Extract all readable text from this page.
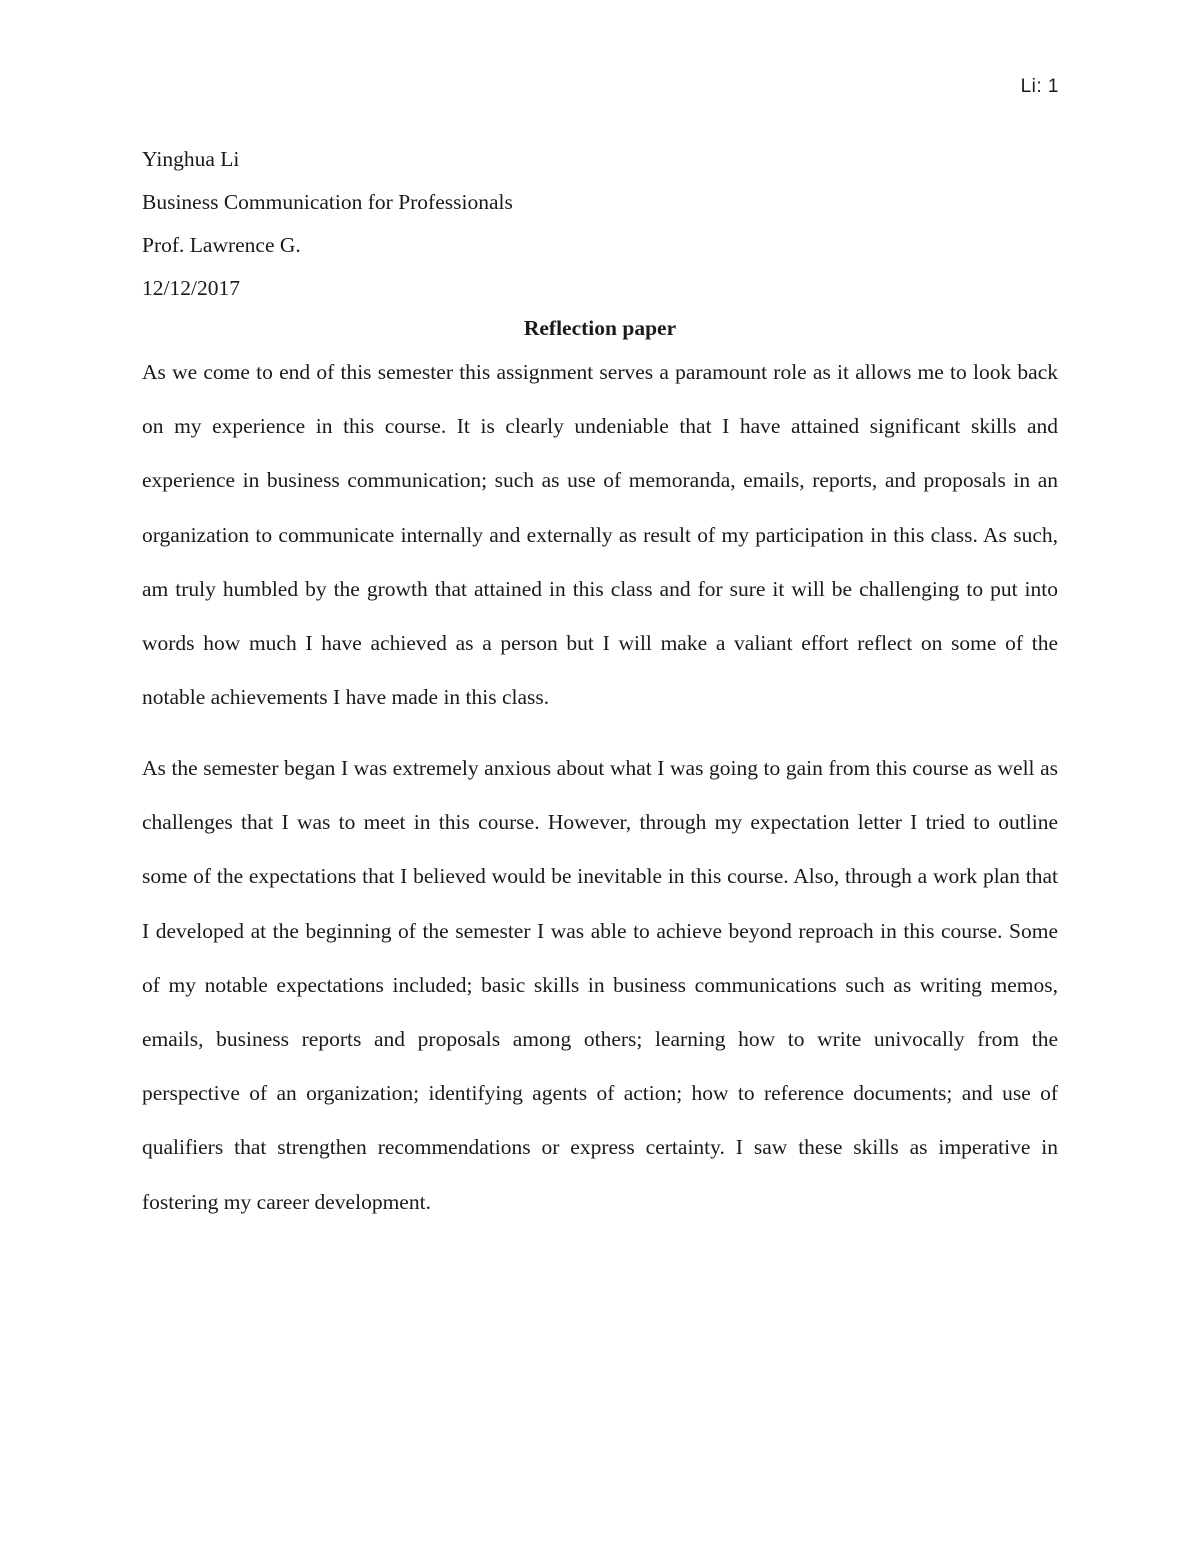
Li: 1
Yinghua Li
Business Communication for Professionals
Prof. Lawrence G.
12/12/2017
Reflection paper

As we come to end of this semester this assignment serves a paramount role as it allows me to look back on my experience in this course. It is clearly undeniable that I have attained significant skills and experience in business communication; such as use of memoranda, emails, reports, and proposals in an organization to communicate internally and externally as result of my participation in this class. As such, am truly humbled by the growth that attained in this class and for sure it will be challenging to put into words how much I have achieved as a person but I will make a valiant effort reflect on some of the notable achievements I have made in this class.

As the semester began I was extremely anxious about what I was going to gain from this course as well as challenges that I was to meet in this course. However, through my expectation letter I tried to outline some of the expectations that I believed would be inevitable in this course. Also, through a work plan that I developed at the beginning of the semester I was able to achieve beyond reproach in this course. Some of my notable expectations included; basic skills in business communications such as writing memos, emails, business reports and proposals among others; learning how to write univocally from the perspective of an organization; identifying agents of action; how to reference documents; and use of qualifiers that strengthen recommendations or express certainty. I saw these skills as imperative in fostering my career development.
